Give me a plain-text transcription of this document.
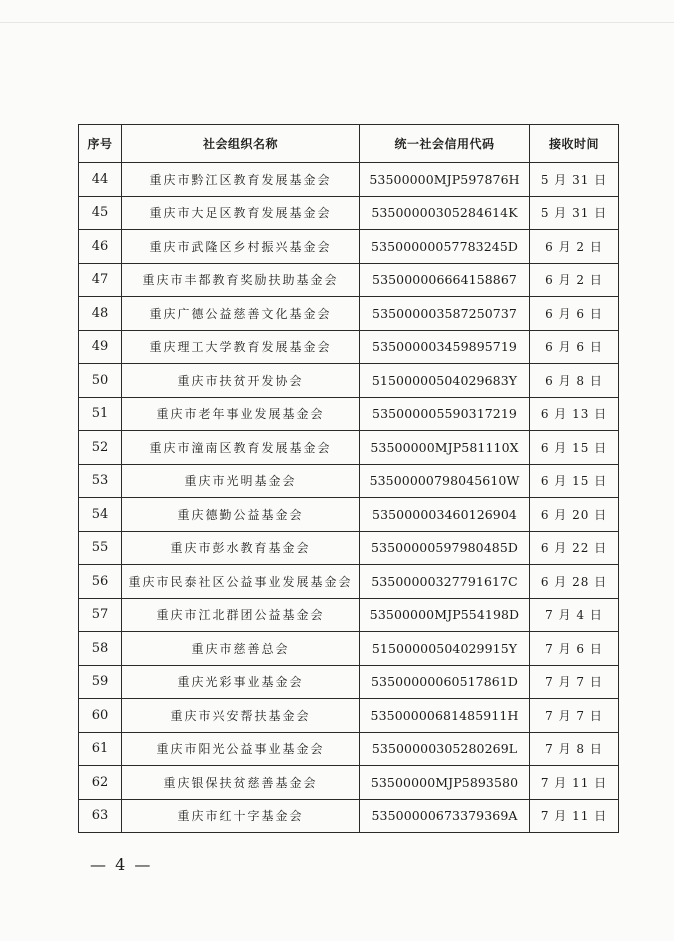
序号	社会组织名称	统一社会信用代码	接收时间
44	重庆市黔江区教育发展基金会	53500000MJP597876H	5 月 31 日
45	重庆市大足区教育发展基金会	53500000305284614K	5 月 31 日
46	重庆市武隆区乡村振兴基金会	53500000057783245D	6 月 2 日
47	重庆市丰都教育奖励扶助基金会	535000006664158867	6 月 2 日
48	重庆广德公益慈善文化基金会	535000003587250737	6 月 6 日
49	重庆理工大学教育发展基金会	535000003459895719	6 月 6 日
50	重庆市扶贫开发协会	51500000504029683Y	6 月 8 日
51	重庆市老年事业发展基金会	535000005590317219	6 月 13 日
52	重庆市潼南区教育发展基金会	53500000MJP581110X	6 月 15 日
53	重庆市光明基金会	53500000798045610W	6 月 15 日
54	重庆德勤公益基金会	535000003460126904	6 月 20 日
55	重庆市彭水教育基金会	53500000597980485D	6 月 22 日
56	重庆市民泰社区公益事业发展基金会	53500000327791617C	6 月 28 日
57	重庆市江北群团公益基金会	53500000MJP554198D	7 月 4 日
58	重庆市慈善总会	51500000504029915Y	7 月 6 日
59	重庆光彩事业基金会	53500000060517861D	7 月 7 日
60	重庆市兴安帮扶基金会	53500000681485911H	7 月 7 日
61	重庆市阳光公益事业基金会	53500000305280269L	7 月 8 日
62	重庆银保扶贫慈善基金会	53500000MJP5893580	7 月 11 日
63	重庆市红十字基金会	53500000673379369A	7 月 11 日
— 4 —
